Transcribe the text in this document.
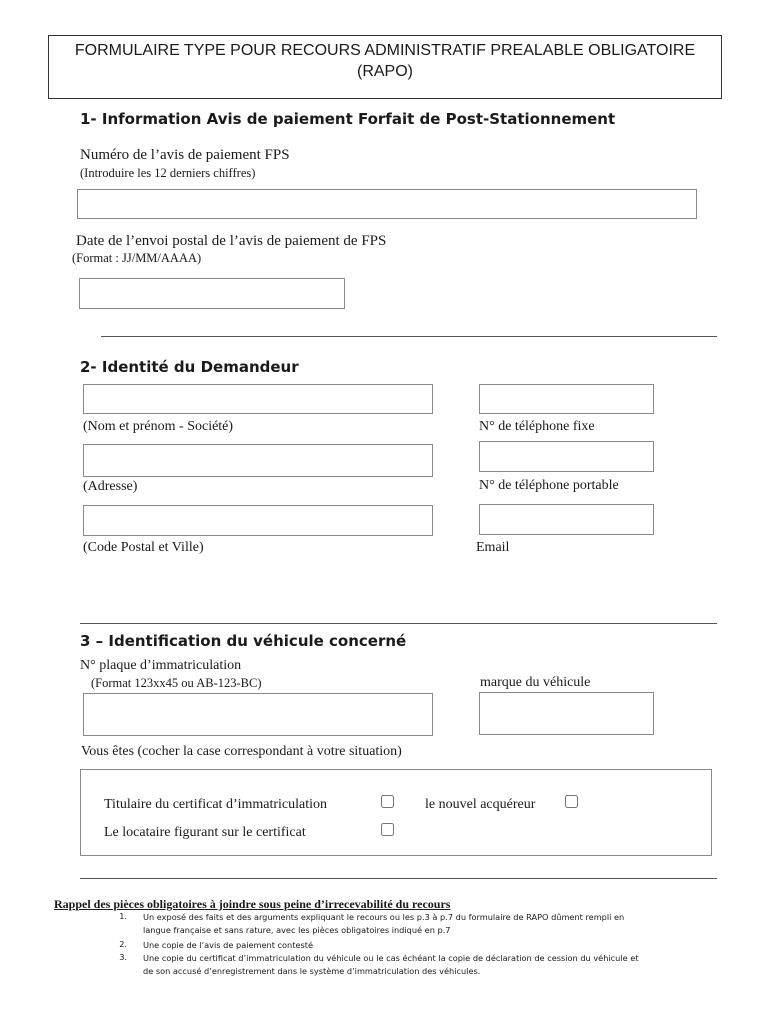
FORMULAIRE TYPE POUR RECOURS ADMINISTRATIF PREALABLE OBLIGATOIRE
(RAPO)
1- Information Avis de paiement Forfait de Post-Stationnement
Numéro de l’avis de paiement FPS
(Introduire les 12 derniers chiffres)
Date de l’envoi postal de l’avis de paiement de FPS
(Format : JJ/MM/AAAA)
2- Identité du Demandeur
(Nom et prénom - Société)	N° de téléphone fixe
(Adresse)	N° de téléphone portable
(Code Postal et Ville)	Email
3 – Identification du véhicule concerné
N° plaque d’immatriculation
(Format 123xx45 ou AB-123-BC)	marque du véhicule
Vous êtes (cocher la case correspondant à votre situation)
Titulaire du certificat d’immatriculation	le nouvel acquéreur
Le locataire figurant sur le certificat
Rappel des pièces obligatoires à joindre sous peine d’irrecevabilité du recours
1. Un exposé des faits et des arguments expliquant le recours ou les p.3 à p.7 du formulaire de RAPO dûment rempli en
langue française et sans rature, avec les pièces obligatoires indiqué en p.7
2. Une copie de l’avis de paiement contesté
3. Une copie du certificat d’immatriculation du véhicule ou le cas échéant la copie de déclaration de cession du véhicule et
de son accusé d’enregistrement dans le système d’immatriculation des véhicules.
